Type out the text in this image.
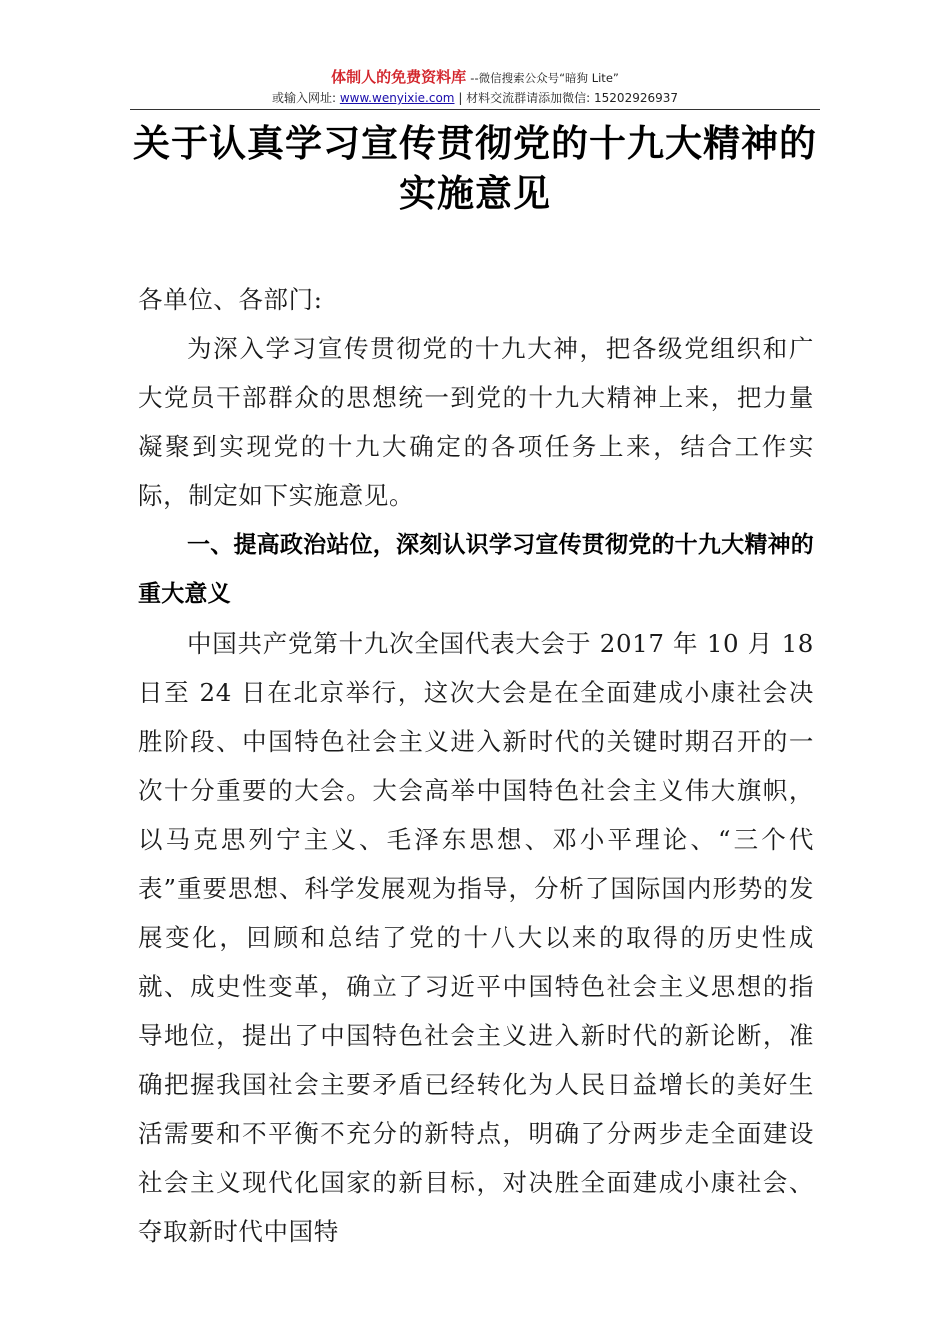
体制人的免费资料库 --微信搜索公众号“暗狗 Lite”
或输入网址: www.wenyixie.com | 材料交流群请添加微信: 15202926937
关于认真学习宣传贯彻党的十九大精神的实施意见

各单位、各部门:

为深入学习宣传贯彻党的十九大神，把各级党组织和广大党员干部群众的思想统一到党的十九大精神上来，把力量凝聚到实现党的十九大确定的各项任务上来，结合工作实际，制定如下实施意见。

一、提高政治站位，深刻认识学习宣传贯彻党的十九大精神的重大意义

中国共产党第十九次全国代表大会于 2017 年 10 月 18 日至 24 日在北京举行，这次大会是在全面建成小康社会决胜阶段、中国特色社会主义进入新时代的关键时期召开的一次十分重要的大会。大会高举中国特色社会主义伟大旗帜，以马克思列宁主义、毛泽东思想、邓小平理论、“三个代表”重要思想、科学发展观为指导，分析了国际国内形势的发展变化，回顾和总结了党的十八大以来的取得的历史性成就、成史性变革，确立了习近平中国特色社会主义思想的指导地位，提出了中国特色社会主义进入新时代的新论断，准确把握我国社会主要矛盾已经转化为人民日益增长的美好生活需要和不平衡不充分的新特点，明确了分两步走全面建设社会主义现代化国家的新目标，对决胜全面建成小康社会、夺取新时代中国特
